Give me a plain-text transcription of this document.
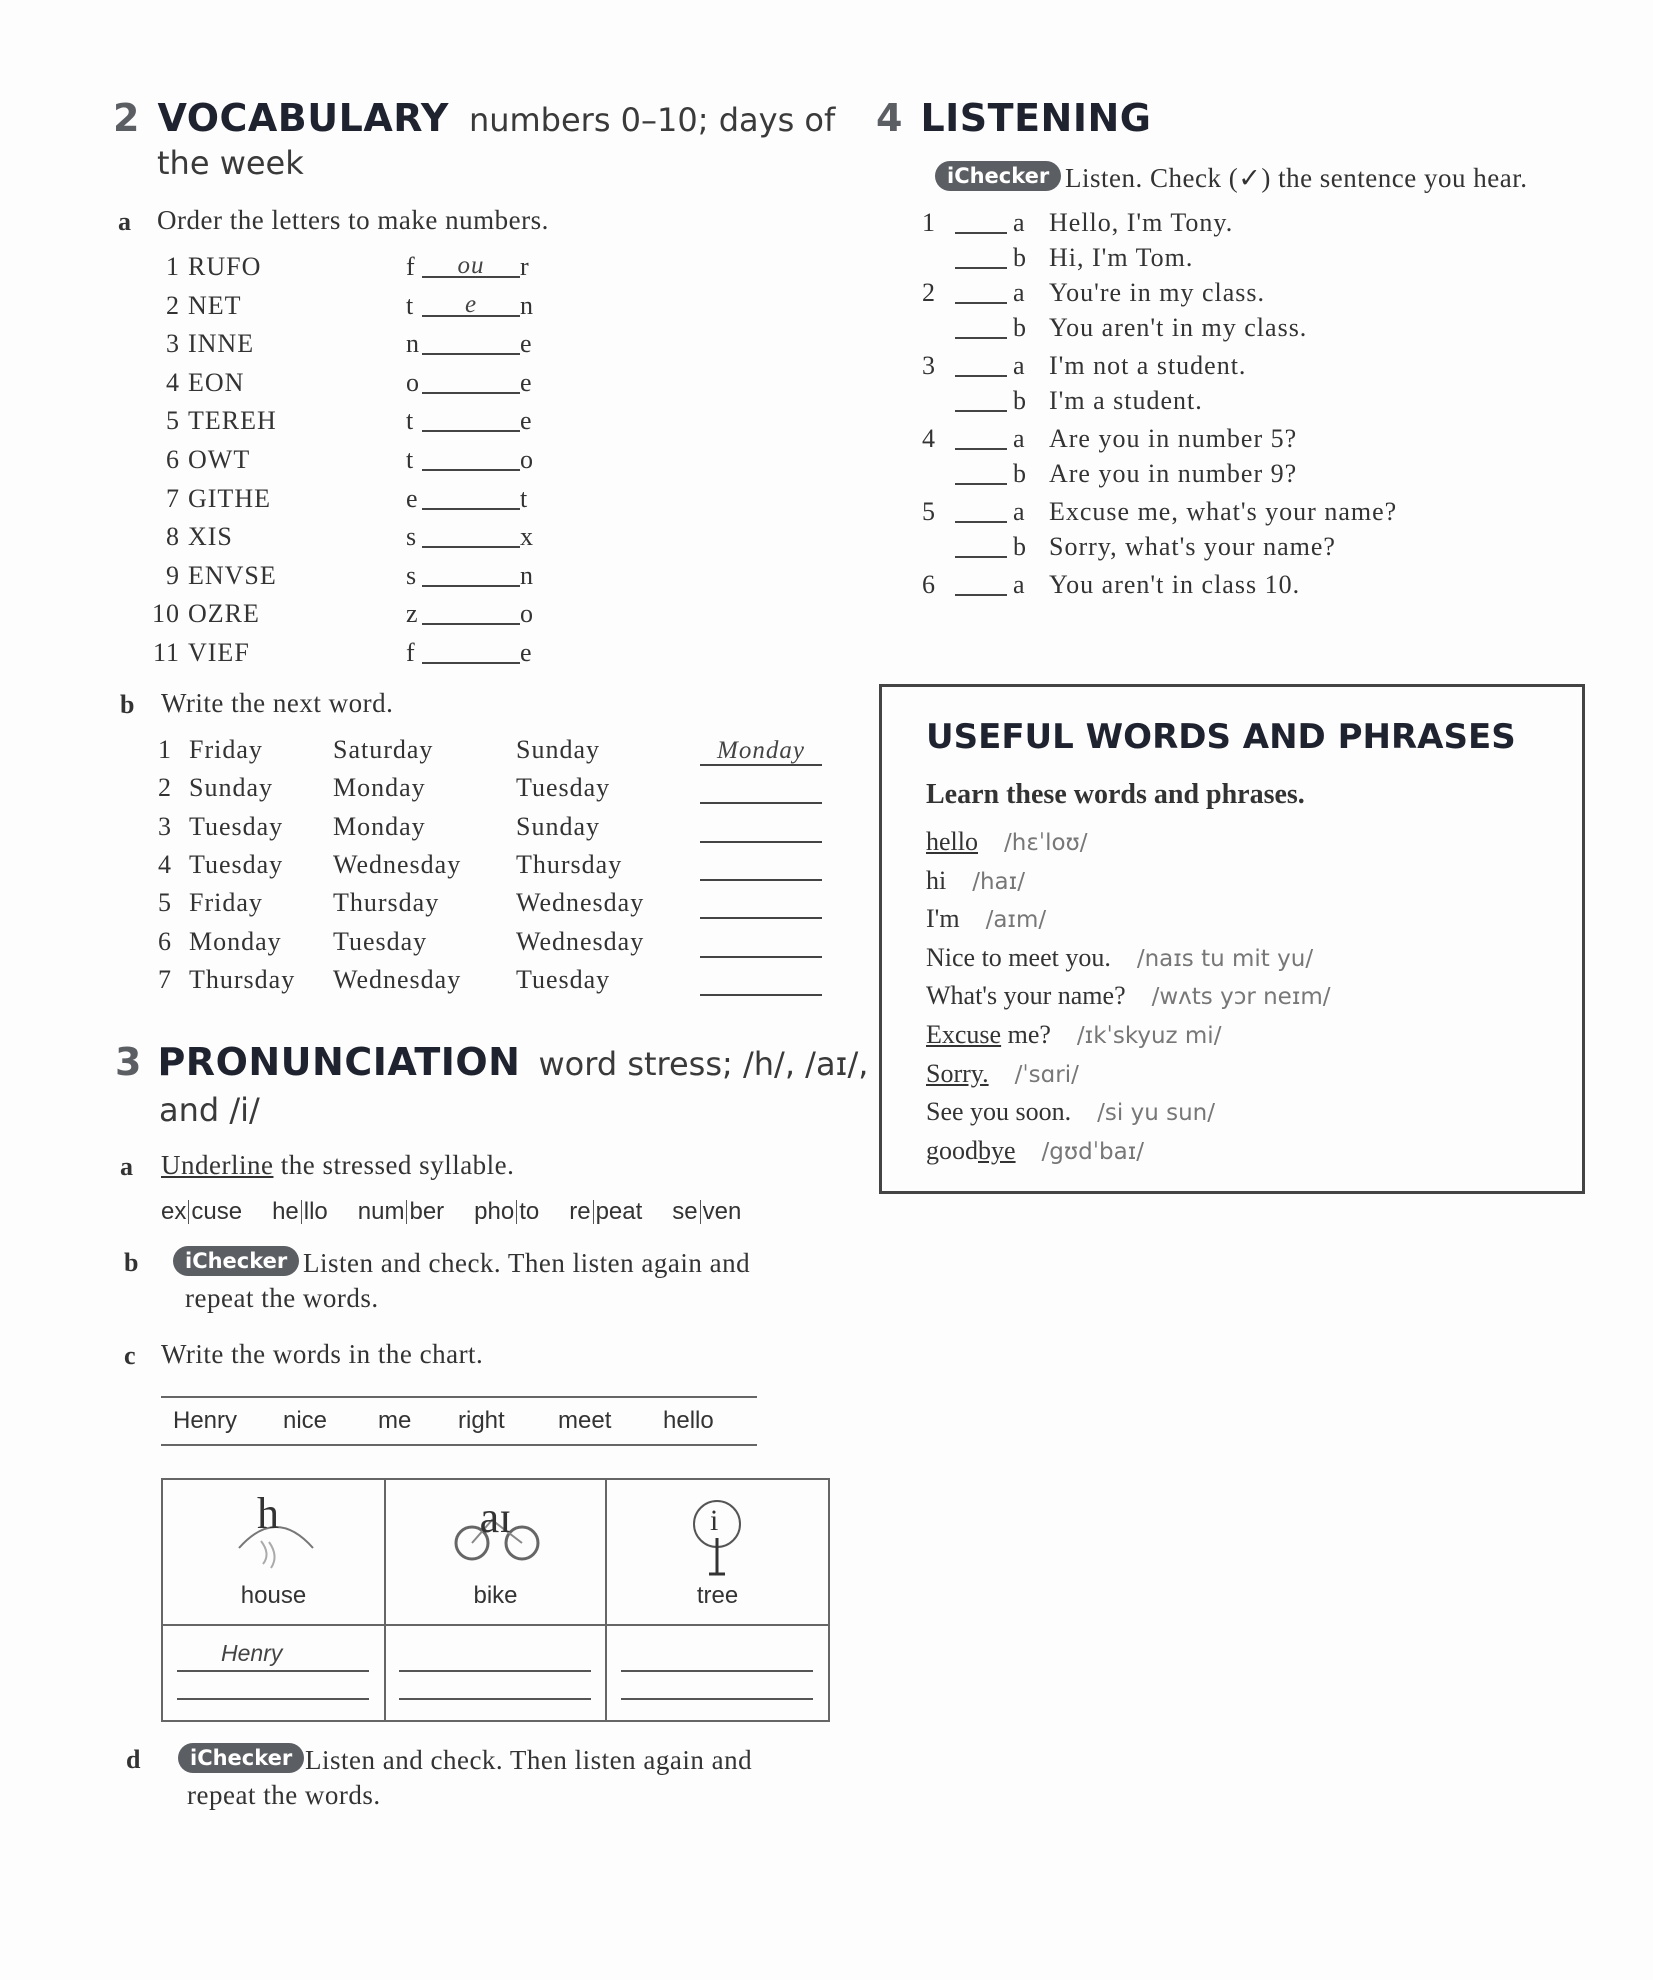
2 VOCABULARY numbers 0–10; days of
the week
a Order the letters to make numbers.
1 RUFO	f	ou	r
2 NET	t	e	n
3 INNE	n	e
4 EON	o	e
5 TEREH	t	e
6 OWT	t	o
7 GITHE	e	t
8 XIS	s	x
9 ENVSE	s	n
10 OZRE	z	o
11 VIEF	f	e
b Write the next word.
1 Friday	Saturday	Sunday	Monday
2 Sunday Monday	Tuesday
3 Tuesday Monday	Sunday
4 Tuesday Wednesday Thursday
5 Friday	Thursday	Wednesday
6 Monday Tuesday	Wednesday
7 Thursday Wednesday Tuesday
3 PRONUNCIATION word stress; /h/, /aɪ/,
and /i/
a Underline the stressed syllable.
ex cuse he llo num ber pho to re peat se ven
b	iChecker Listen and check. Then listen again and
repeat the words.
c Write the words in the chart.
Henry	nice	me	right	meet	hello
h
house
aɪ
bike
i
tree
Henry
d	iChecker Listen and check. Then listen again and
repeat the words.
4 LISTENING
iChecker Listen. Check (✓) the sentence you hear.
1	a Hello, I'm Tony.
b Hi, I'm Tom.
2	a You're in my class.
b You aren't in my class.
3	a I'm not a student.
b I'm a student.
4	a Are you in number 5?
b Are you in number 9?
5	a Excuse me, what's your name?
b Sorry, what's your name?
6	a You aren't in class 10.
USEFUL WORDS AND PHRASES
Learn these words and phrases.
hello /hɛˈloʊ/
hi /haɪ/
I'm /aɪm/
Nice to meet you. /naɪs tu mit yu/
What's your name? /wʌts yɔr neɪm/
Excuse me? /ɪkˈskyuz mi/
Sorry. /ˈsɑri/
See you soon. /si yu sun/
goodbye /gʊdˈbaɪ/
